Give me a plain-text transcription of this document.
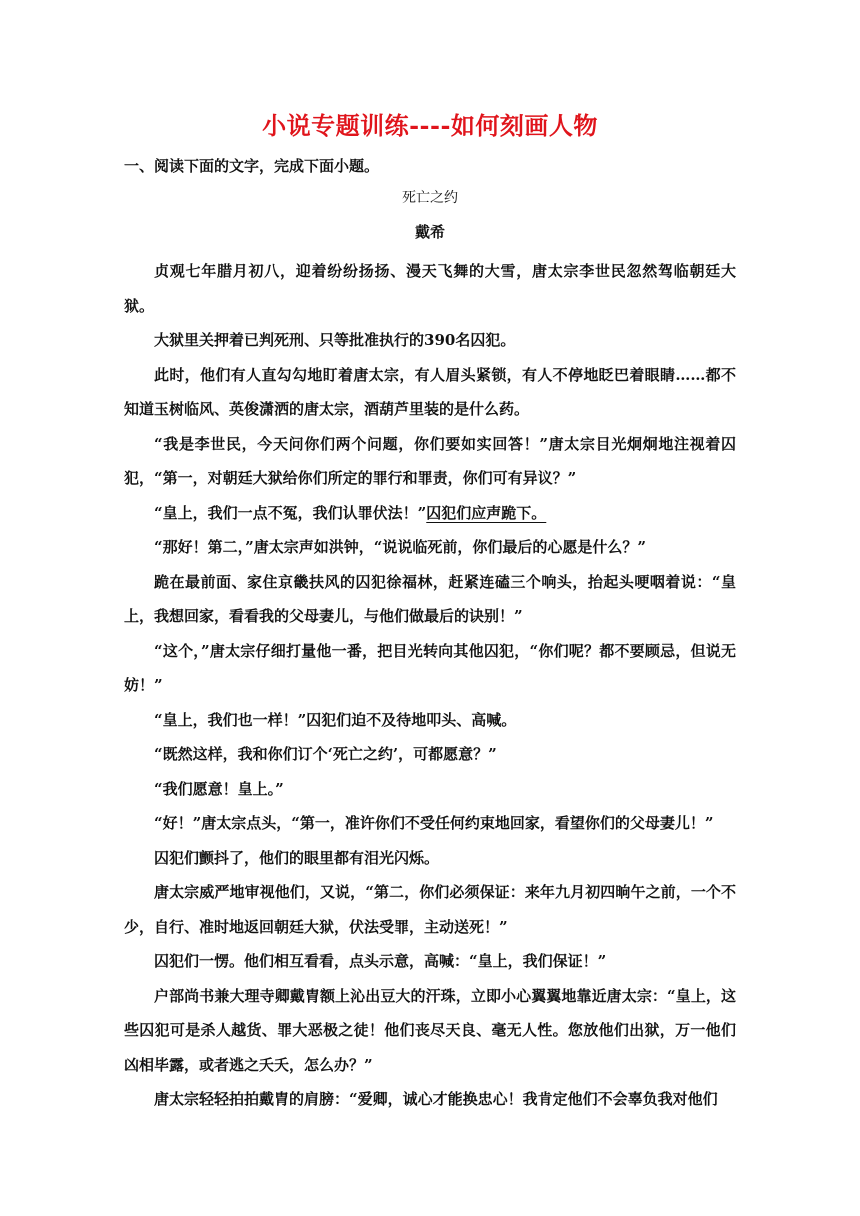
小说专题训练----如何刻画人物
一、阅读下面的文字，完成下面小题。
死亡之约
戴希

贞观七年腊月初八，迎着纷纷扬扬、漫天飞舞的大雪，唐太宗李世民忽然驾临朝廷大狱。

大狱里关押着已判死刑、只等批准执行的390名囚犯。

此时，他们有人直勾勾地盯着唐太宗，有人眉头紧锁，有人不停地眨巴着眼睛……都不知道玉树临风、英俊潇洒的唐太宗，酒葫芦里装的是什么药。

“我是李世民，今天问你们两个问题，你们要如实回答！”唐太宗目光炯炯地注视着囚犯，“第一，对朝廷大狱给你们所定的罪行和罪责，你们可有异议？”

“皇上，我们一点不冤，我们认罪伏法！”囚犯们应声跪下。

“那好！第二，”唐太宗声如洪钟，“说说临死前，你们最后的心愿是什么？”

跪在最前面、家住京畿扶风的囚犯徐福林，赶紧连磕三个响头，抬起头哽咽着说：“皇上，我想回家，看看我的父母妻儿，与他们做最后的诀别！”

“这个，”唐太宗仔细打量他一番，把目光转向其他囚犯，“你们呢？都不要顾忌，但说无妨！”

“皇上，我们也一样！”囚犯们迫不及待地叩头、高喊。

“既然这样，我和你们订个‘死亡之约’，可都愿意？”

“我们愿意！皇上。”

“好！”唐太宗点头，“第一，准许你们不受任何约束地回家，看望你们的父母妻儿！”

囚犯们颤抖了，他们的眼里都有泪光闪烁。

唐太宗威严地审视他们，又说，“第二，你们必须保证：来年九月初四晌午之前，一个不少，自行、准时地返回朝廷大狱，伏法受罪，主动送死！”

囚犯们一愣。他们相互看看，点头示意，高喊：“皇上，我们保证！”

户部尚书兼大理寺卿戴胄额上沁出豆大的汗珠，立即小心翼翼地靠近唐太宗：“皇上，这些囚犯可是杀人越货、罪大恶极之徒！他们丧尽天良、毫无人性。您放他们出狱，万一他们凶相毕露，或者逃之夭夭，怎么办？”

唐太宗轻轻拍拍戴胄的肩膀：“爱卿，诚心才能换忠心！我肯定他们不会辜负我对他们
